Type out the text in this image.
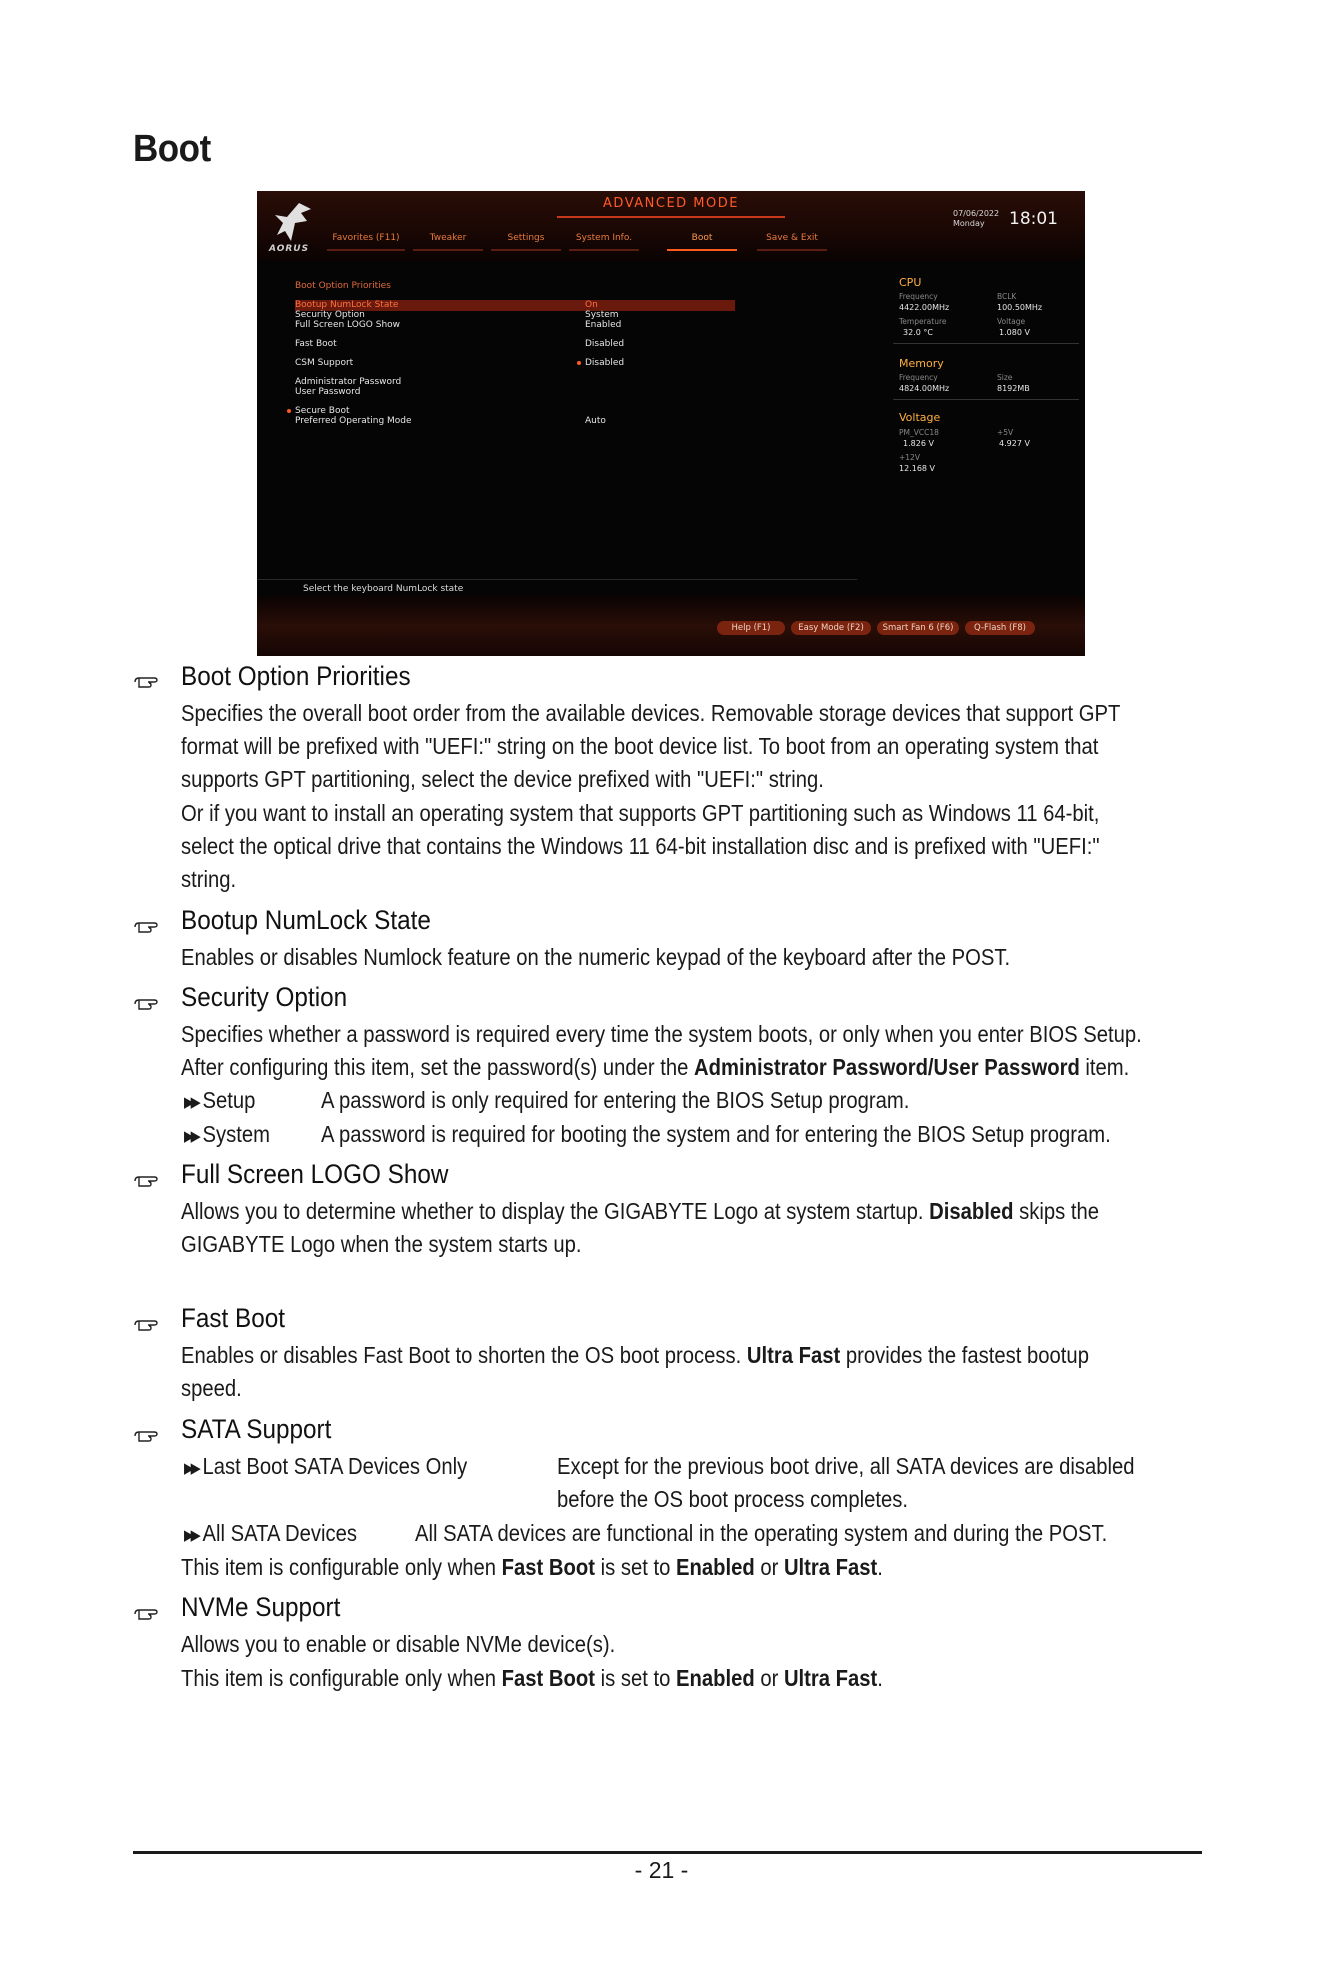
Boot
AORUS
ADVANCED MODE
Favorites (F11)	Tweaker	Settings	System Info.	Boot	Save & Exit
07/06/2022
Monday	18:01
Boot Option Priorities
Bootup NumLock State	On
Security Option	System
Full Screen LOGO Show	Enabled
Fast Boot	Disabled
CSM Support	Disabled
Administrator Password
User Password
Secure Boot
Preferred Operating Mode	Auto
CPU
Frequency	BCLK
4422.00MHz	100.50MHz
Temperature	Voltage
32.0 °C	1.080 V
Memory
Frequency	Size
4824.00MHz	8192MB
Voltage
PM_VCC18	+5V
1.826 V	4.927 V
+12V
12.168 V
Select the keyboard NumLock state
Help (F1)	Easy Mode (F2)	Smart Fan 6 (F6)	Q-Flash (F8)
Boot Option Priorities

Specifies the overall boot order from the available devices. Removable storage devices that support GPT

format will be prefixed with "UEFI:" string on the boot device list. To boot from an operating system that

supports GPT partitioning, select the device prefixed with "UEFI:" string.

Or if you want to install an operating system that supports GPT partitioning such as Windows 11 64-bit,

select the optical drive that contains the Windows 11 64-bit installation disc and is prefixed with "UEFI:"

string.

Bootup NumLock State

Enables or disables Numlock feature on the numeric keypad of the keyboard after the POST.

Security Option

Specifies whether a password is required every time the system boots, or only when you enter BIOS Setup.

After configuring this item, set the password(s) under the Administrator Password/User Password item.

▶▶ Setup	A password is only required for entering the BIOS Setup program.
▶▶ System A password is required for booting the system and for entering the BIOS Setup program.
Full Screen LOGO Show

Allows you to determine whether to display the GIGABYTE Logo at system startup. Disabled skips the

GIGABYTE Logo when the system starts up.

Fast Boot

Enables or disables Fast Boot to shorten the OS boot process. Ultra Fast provides the fastest bootup

speed.

SATA Support
▶▶ Last Boot SATA Devices Only	Except for the previous boot drive, all SATA devices are disabled
before the OS boot process completes.
▶▶ All SATA Devices	All SATA devices are functional in the operating system and during the POST.

This item is configurable only when Fast Boot is set to Enabled or Ultra Fast.

NVMe Support

Allows you to enable or disable NVMe device(s).

This item is configurable only when Fast Boot is set to Enabled or Ultra Fast.

- 21 -
